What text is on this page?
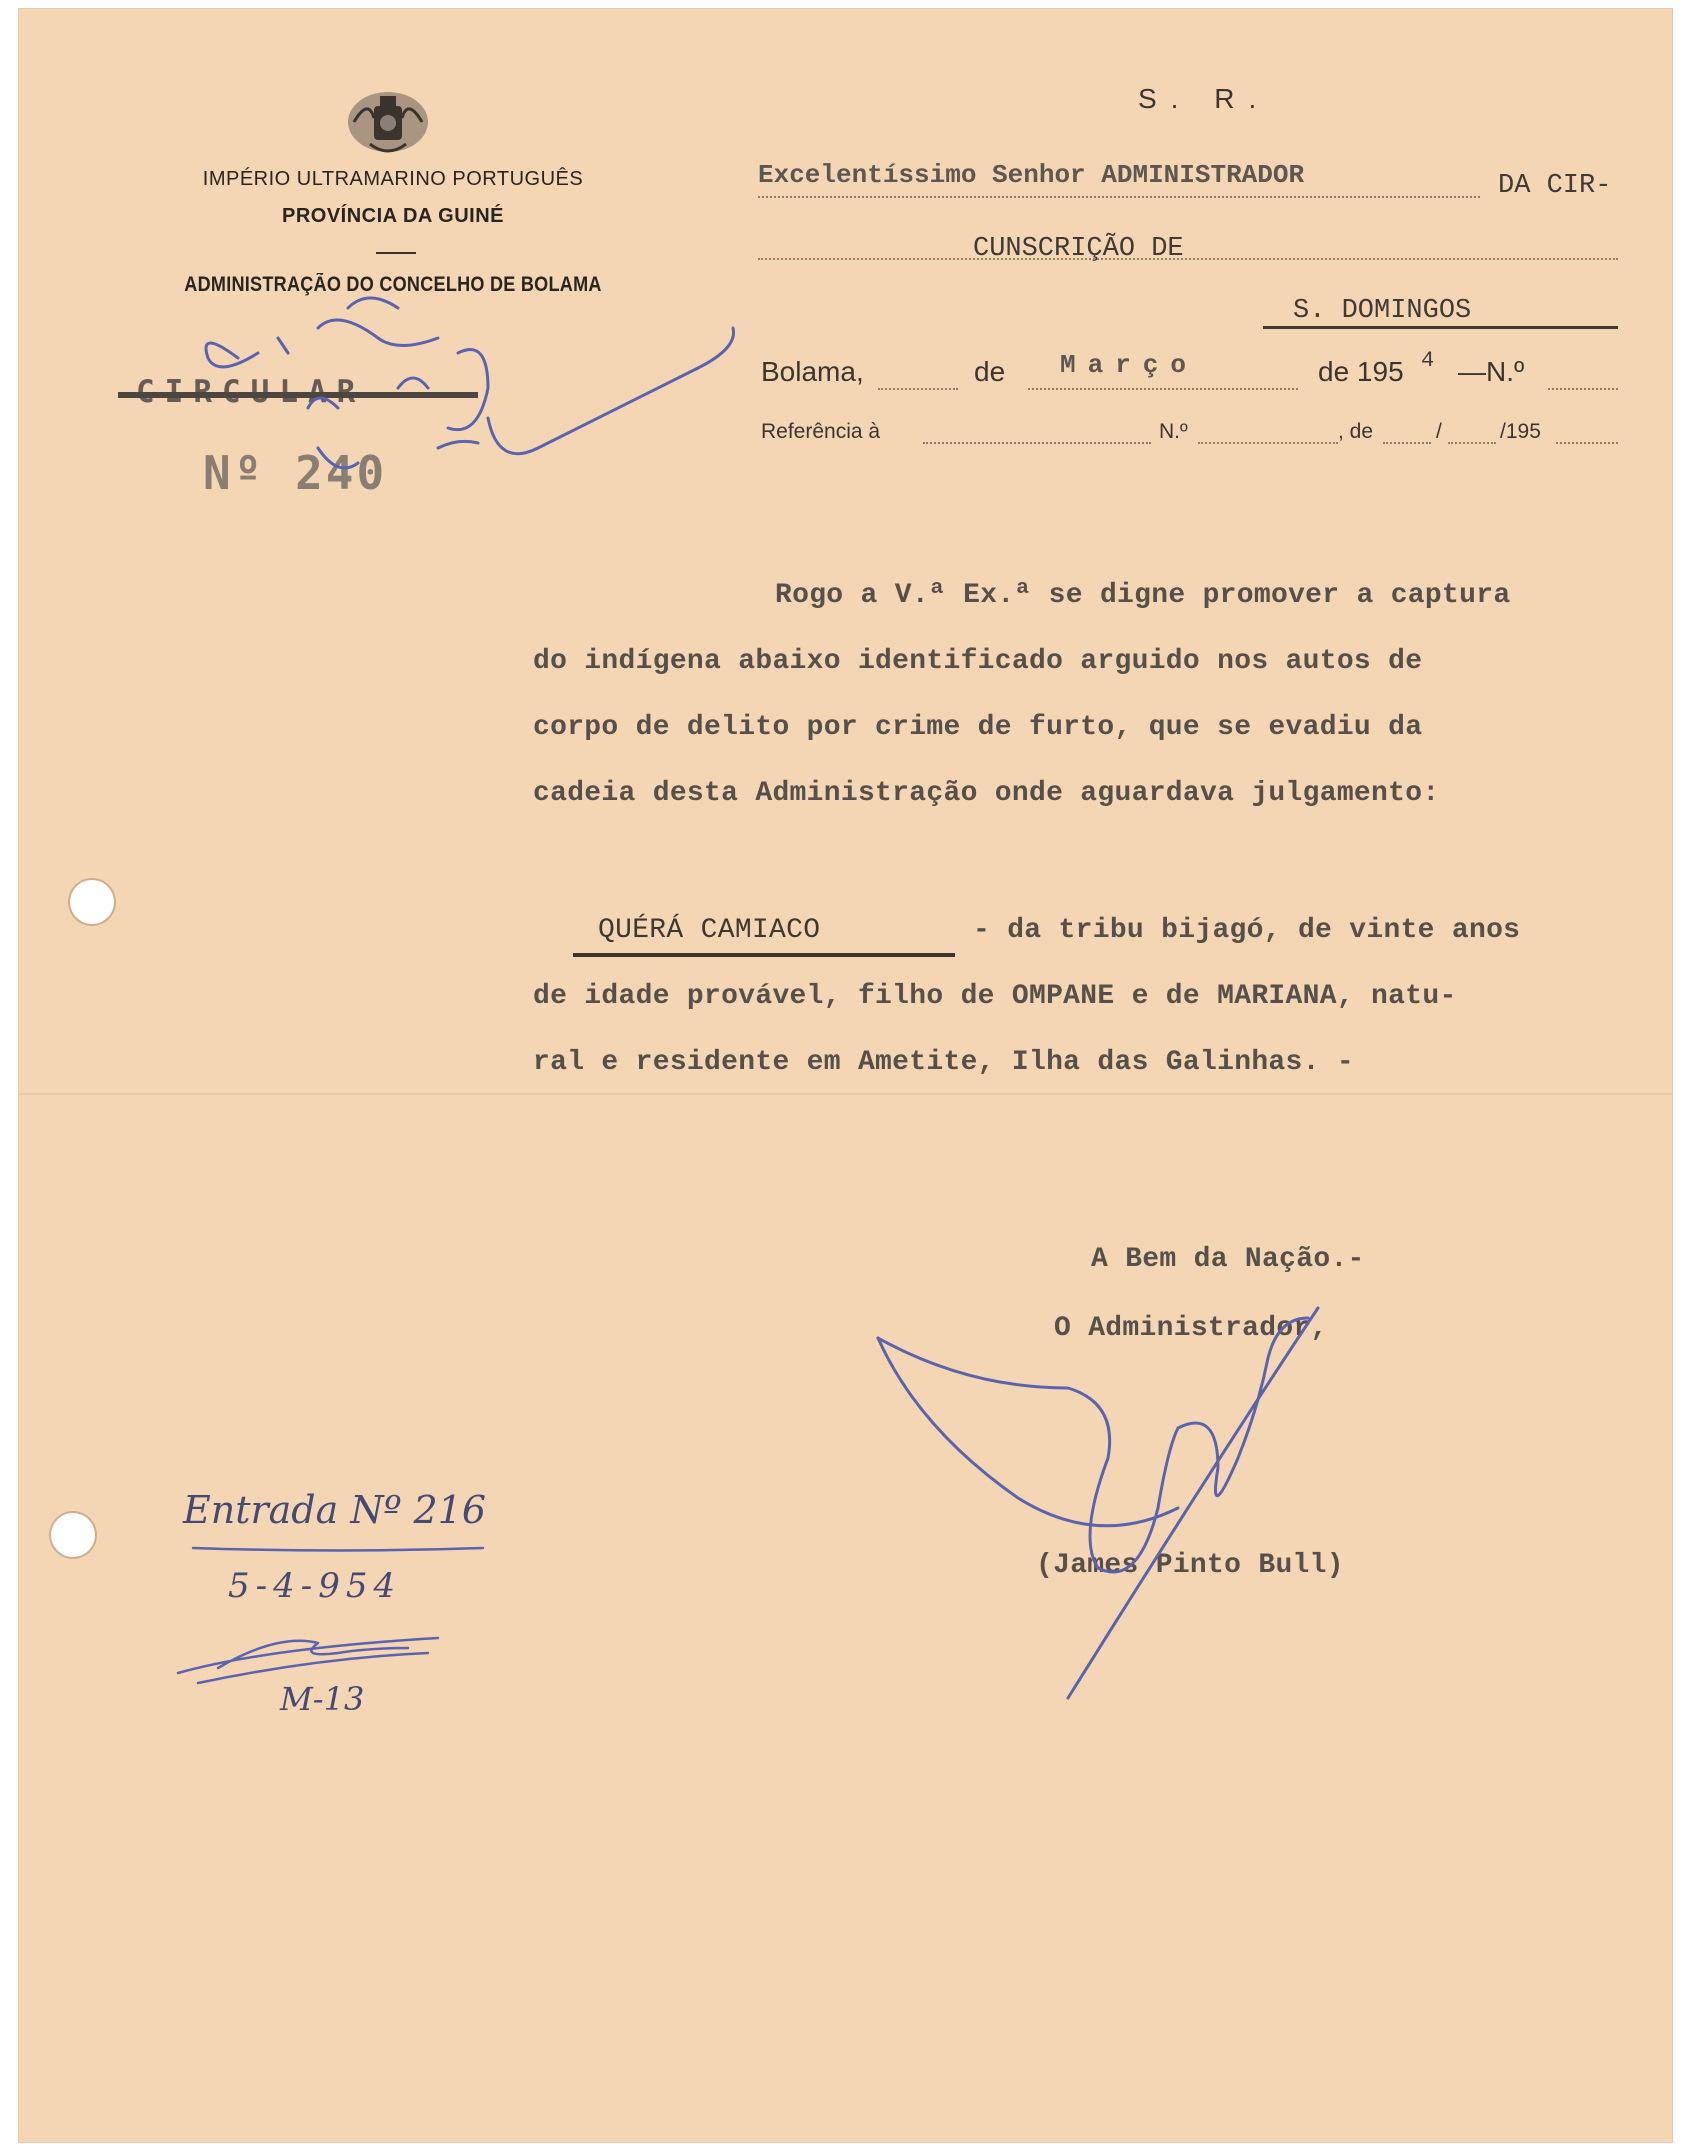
IMPÉRIO ULTRAMARINO PORTUGUÊS
PROVÍNCIA DA GUINÉ
ADMINISTRAÇÃO DO CONCELHO DE BOLAMA
Nº 240
S. R.
Excelentíssimo Senhor ADMINISTRADOR	DA CIR-
CUNSCRIÇÃO DE
S. DOMINGOS
Bolama,	de Março	de 195 4 —N.º
Referência à	N.º	, de	/	/195
Rogo a V.ª Ex.ª se digne promover a captura
do indígena abaixo identificado arguido nos autos de
corpo de delito por crime de furto, que se evadiu da
cadeia desta Administração onde aguardava julgamento:
QUÉRÁ CAMIACO	- da tribu bijagó, de vinte anos
de idade provável, filho de OMPANE e de MARIANA, natu-
ral e residente em Ametite, Ilha das Galinhas. -
A Bem da Nação.-
O Administrador,
(James Pinto Bull)
Entrada Nº 216
5-4-954
M-13
